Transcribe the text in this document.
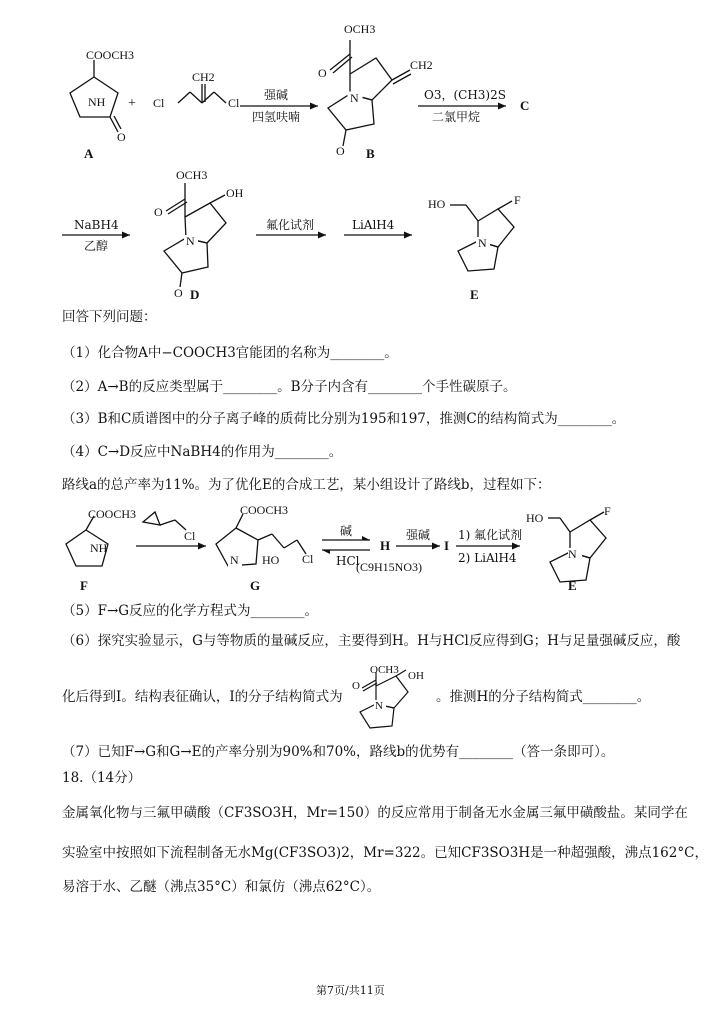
COOCH3
NH
O
A
+ Cl	Cl
CH2
强碱
四氢呋喃
OCH3
O
CH2
N
O B
O3，(CH3)2S
二氯甲烷
C
NaBH4
乙醇
OCH3
O
OH
N
O D
氟化试剂	LiAlH4
HO	F
N
E
回答下列问题：
（1）化合物A中−COOCH3官能团的名称为________。
（2）A→B的反应类型属于________。B分子内含有________个手性碳原子。
（3）B和C质谱图中的分子离子峰的质荷比分别为195和197，推测C的结构简式为________。
（4）C→D反应中NaBH4的作用为________。
路线a的总产率为11%。为了优化E的合成工艺，某小组设计了路线b，过程如下：
COOCH3
NH
F
Cl
COOCH3
N HO Cl
G
碱
HCl
H
(C9H15NO3)
强碱
I
1) 氟化试剂
2) LiAlH4
HO	F
N
E
（5）F→G反应的化学方程式为________。
（6）探究实验显示，G与等物质的量碱反应，主要得到H。H与HCl反应得到G；H与足量强碱反应，酸
化后得到I。结构表征确认，I的分子结构简式为
OCH3
O
OH
N
。推测H的分子结构简式________。
（7）已知F→G和G→E的产率分别为90%和70%，路线b的优势有________（答一条即可）。
18.（14分）
金属氧化物与三氟甲磺酸（CF3SO3H，Mr=150）的反应常用于制备无水金属三氟甲磺酸盐。某同学在
实验室中按照如下流程制备无水Mg(CF3SO3)2，Mr=322。已知CF3SO3H是一种超强酸，沸点162°C，
易溶于水、乙醚（沸点35°C）和氯仿（沸点62°C）。
第7页/共11页
